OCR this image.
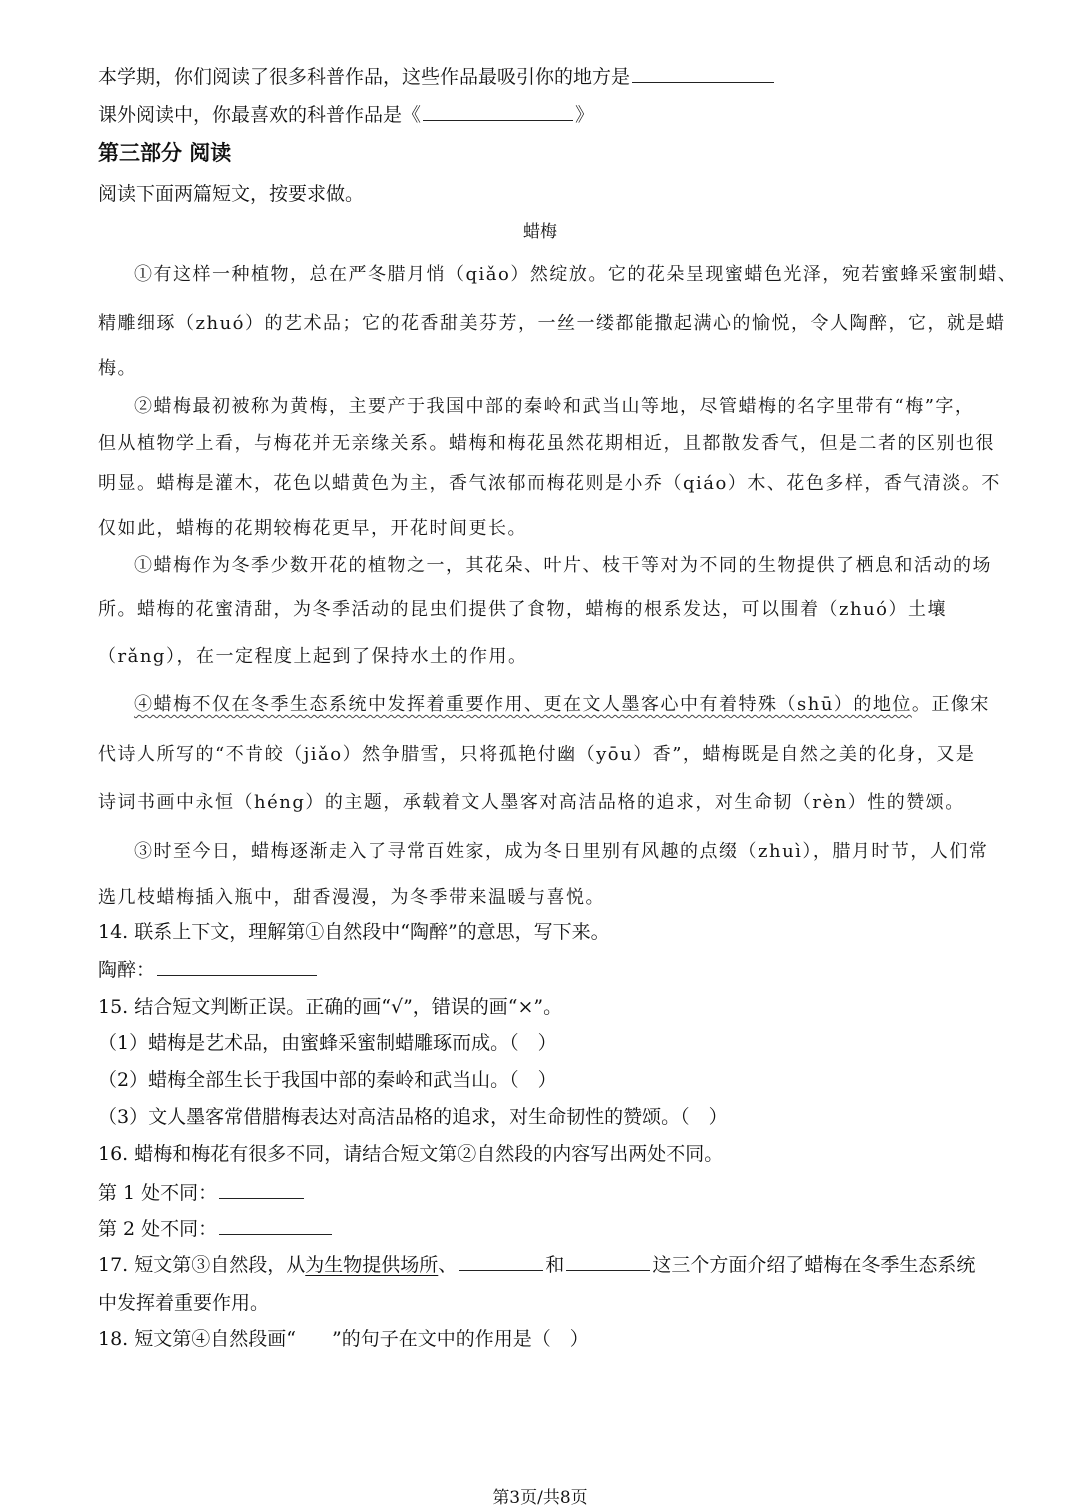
本学期，你们阅读了很多科普作品，这些作品最吸引你的地方是
课外阅读中，你最喜欢的科普作品是《	》
第三部分 阅读
阅读下面两篇短文，按要求做。
蜡梅
①有这样一种植物，总在严冬腊月悄（qiǎo）然绽放。它的花朵呈现蜜蜡色光泽，宛若蜜蜂采蜜制蜡、
精雕细琢（zhuó）的艺术品；它的花香甜美芬芳，一丝一缕都能撒起满心的愉悦，令人陶醉，它，就是蜡
梅。
②蜡梅最初被称为黄梅，主要产于我国中部的秦岭和武当山等地，尽管蜡梅的名字里带有“梅”字，
但从植物学上看，与梅花并无亲缘关系。蜡梅和梅花虽然花期相近，且都散发香气，但是二者的区别也很
明显。蜡梅是灌木，花色以蜡黄色为主，香气浓郁而梅花则是小乔（qiáo）木、花色多样，香气清淡。不
仅如此，蜡梅的花期较梅花更早，开花时间更长。
①蜡梅作为冬季少数开花的植物之一，其花朵、叶片、枝干等对为不同的生物提供了栖息和活动的场
所。蜡梅的花蜜清甜，为冬季活动的昆虫们提供了食物，蜡梅的根系发达，可以围着（zhuó）土壤
（rǎng），在一定程度上起到了保持水土的作用。
④蜡梅不仅在冬季生态系统中发挥着重要作用、更在文人墨客心中有着特殊（shū）的地位。正像宋
代诗人所写的“不肯皎（jiǎo）然争腊雪，只将孤艳付幽（yōu）香”，蜡梅既是自然之美的化身，又是
诗词书画中永恒（héng）的主题，承载着文人墨客对高洁品格的追求，对生命韧（rèn）性的赞颂。
③时至今日，蜡梅逐渐走入了寻常百姓家，成为冬日里别有风趣的点缀（zhuì），腊月时节，人们常
选几枝蜡梅插入瓶中，甜香漫漫，为冬季带来温暖与喜悦。
14. 联系上下文，理解第①自然段中“陶醉”的意思，写下来。
陶醉：
15. 结合短文判断正误。正确的画“√”，错误的画“×”。
（1）蜡梅是艺术品，由蜜蜂采蜜制蜡雕琢而成。（　）
（2）蜡梅全部生长于我国中部的秦岭和武当山。（　）
（3）文人墨客常借腊梅表达对高洁品格的追求，对生命韧性的赞颂。（　）
16. 蜡梅和梅花有很多不同，请结合短文第②自然段的内容写出两处不同。
第 1 处不同：
第 2 处不同：
17. 短文第③自然段，从为生物提供场所、	和	这三个方面介绍了蜡梅在冬季生态系统
中发挥着重要作用。
18. 短文第④自然段画“ ”的句子在文中的作用是（　）
第3页/共8页
